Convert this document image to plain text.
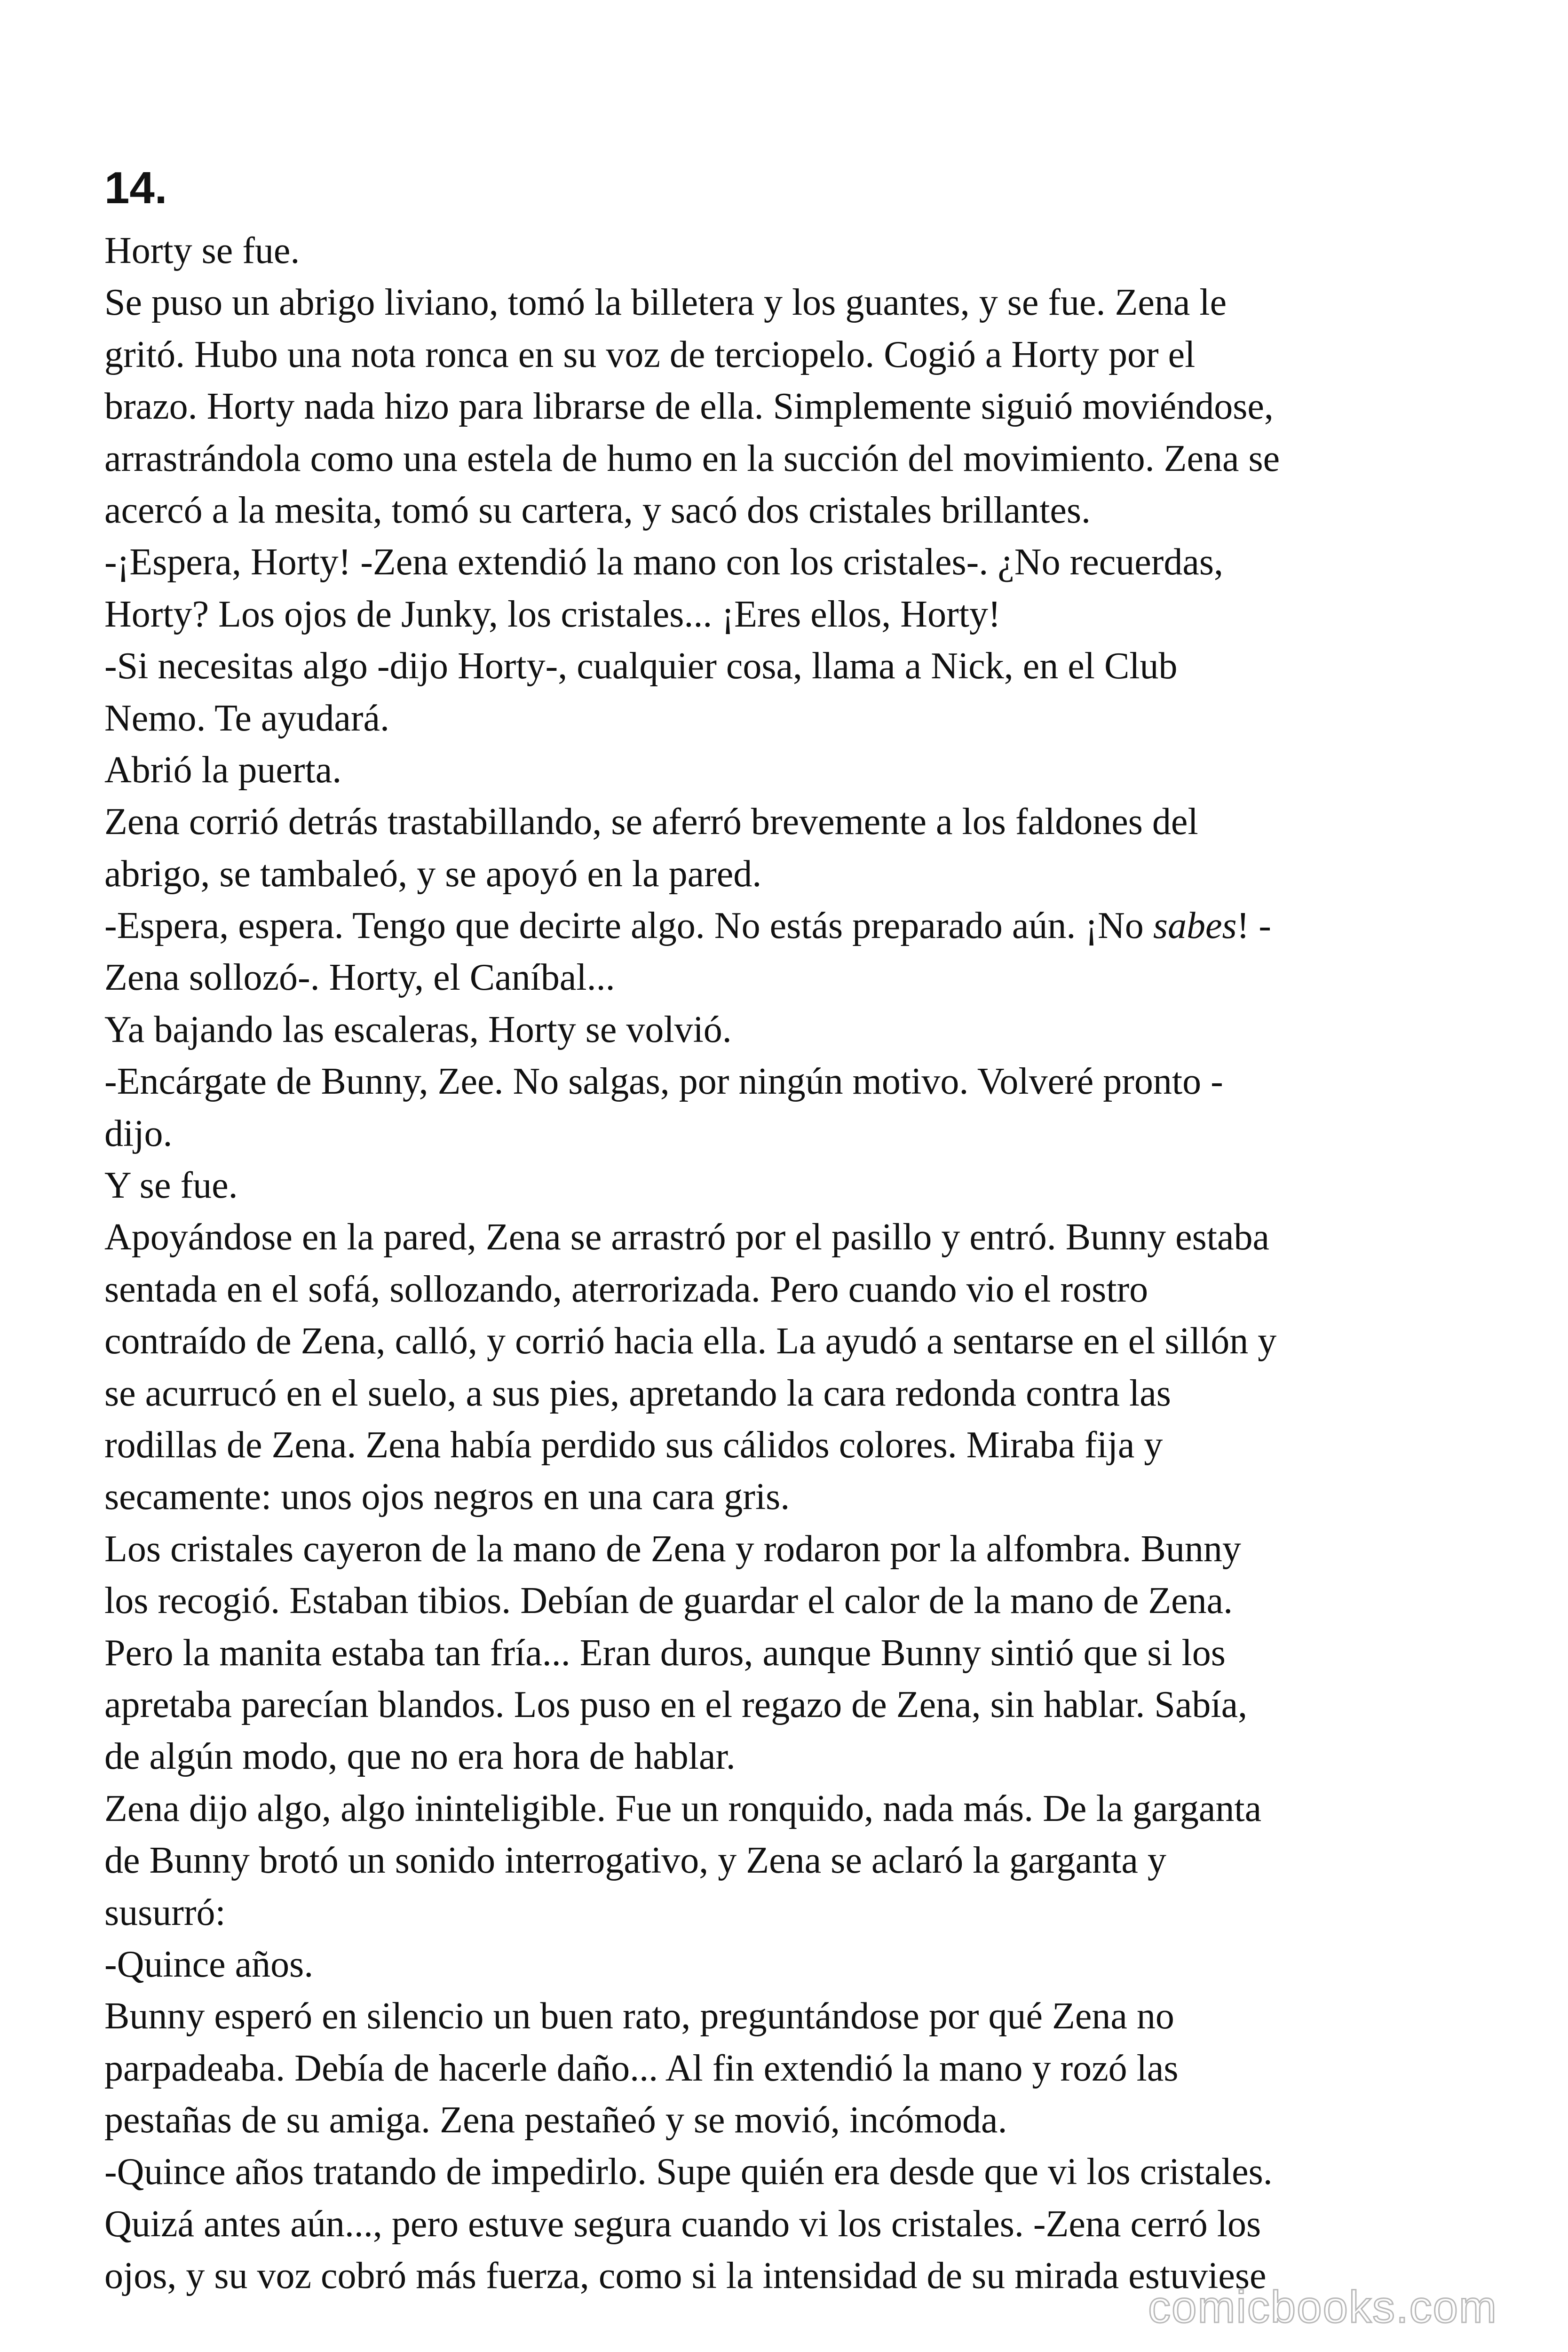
14.
Horty se fue.
Se puso un abrigo liviano, tomó la billetera y los guantes, y se fue. Zena le
gritó. Hubo una nota ronca en su voz de terciopelo. Cogió a Horty por el
brazo. Horty nada hizo para librarse de ella. Simplemente siguió moviéndose,
arrastrándola como una estela de humo en la succión del movimiento. Zena se
acercó a la mesita, tomó su cartera, y sacó dos cristales brillantes.
-¡Espera, Horty! -Zena extendió la mano con los cristales-. ¿No recuerdas,
Horty? Los ojos de Junky, los cristales... ¡Eres ellos, Horty!
-Si necesitas algo -dijo Horty-, cualquier cosa, llama a Nick, en el Club
Nemo. Te ayudará.
Abrió la puerta.
Zena corrió detrás trastabillando, se aferró brevemente a los faldones del
abrigo, se tambaleó, y se apoyó en la pared.
-Espera, espera. Tengo que decirte algo. No estás preparado aún. ¡No sabes! -
Zena sollozó-. Horty, el Caníbal...
Ya bajando las escaleras, Horty se volvió.
-Encárgate de Bunny, Zee. No salgas, por ningún motivo. Volveré pronto -
dijo.
Y se fue.
Apoyándose en la pared, Zena se arrastró por el pasillo y entró. Bunny estaba
sentada en el sofá, sollozando, aterrorizada. Pero cuando vio el rostro
contraído de Zena, calló, y corrió hacia ella. La ayudó a sentarse en el sillón y
se acurrucó en el suelo, a sus pies, apretando la cara redonda contra las
rodillas de Zena. Zena había perdido sus cálidos colores. Miraba fija y
secamente: unos ojos negros en una cara gris.
Los cristales cayeron de la mano de Zena y rodaron por la alfombra. Bunny
los recogió. Estaban tibios. Debían de guardar el calor de la mano de Zena.
Pero la manita estaba tan fría... Eran duros, aunque Bunny sintió que si los
apretaba parecían blandos. Los puso en el regazo de Zena, sin hablar. Sabía,
de algún modo, que no era hora de hablar.
Zena dijo algo, algo ininteligible. Fue un ronquido, nada más. De la garganta
de Bunny brotó un sonido interrogativo, y Zena se aclaró la garganta y
susurró:
-Quince años.
Bunny esperó en silencio un buen rato, preguntándose por qué Zena no
parpadeaba. Debía de hacerle daño... Al fin extendió la mano y rozó las
pestañas de su amiga. Zena pestañeó y se movió, incómoda.
-Quince años tratando de impedirlo. Supe quién era desde que vi los cristales.
Quizá antes aún..., pero estuve segura cuando vi los cristales. -Zena cerró los
ojos, y su voz cobró más fuerza, como si la intensidad de su mirada estuviese
comicbooks.com
